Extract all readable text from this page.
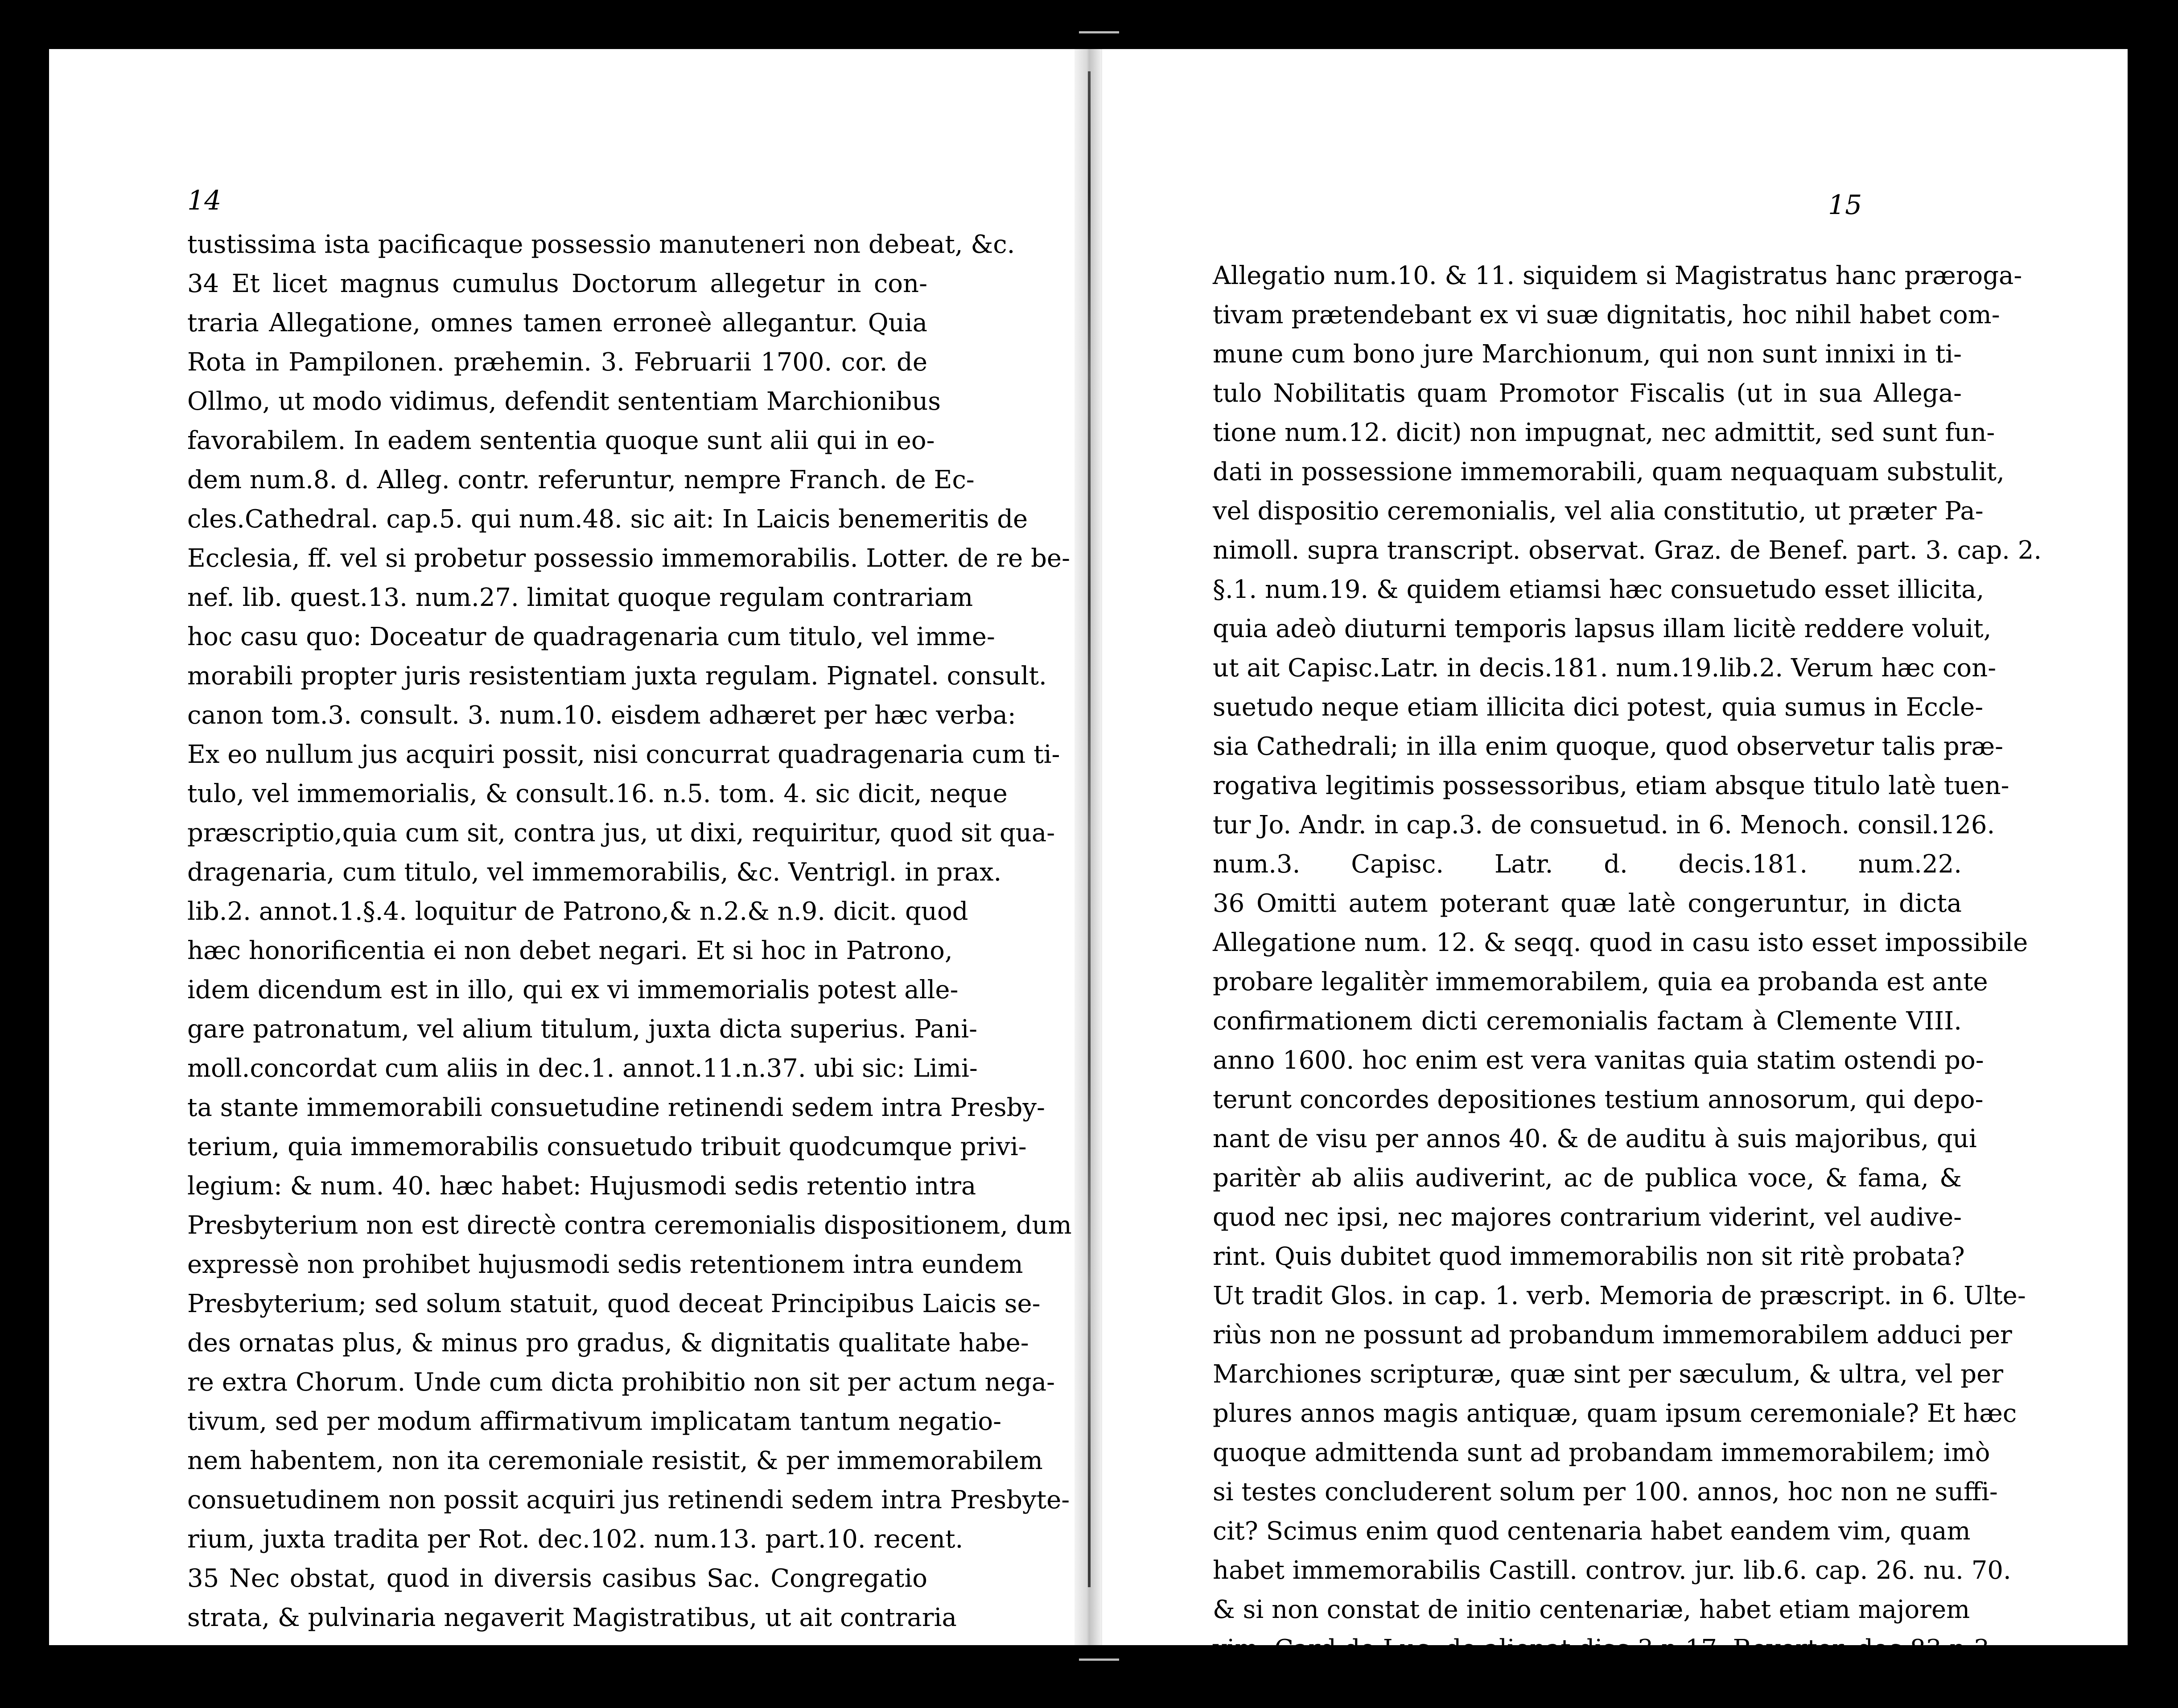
14	15
tustissima ista pacificaque possessio manuteneri non debeat, &c.
34 Et licet magnus cumulus Doctorum allegetur in con-
traria Allegatione, omnes tamen erroneè allegantur. Quia
Rota in Pampilonen. præhemin. 3. Februarii 1700. cor. de
Ollmo, ut modo vidimus, defendit sententiam Marchionibus
favorabilem. In eadem sententia quoque sunt alii qui in eo-
dem num.8. d. Alleg. contr. referuntur, nempre Franch. de Ec-
cles.Cathedral. cap.5. qui num.48. sic ait: In Laicis benemeritis de
Ecclesia, ff. vel si probetur possessio immemorabilis. Lotter. de re be-
nef. lib. quest.13. num.27. limitat quoque regulam contrariam
hoc casu quo: Doceatur de quadragenaria cum titulo, vel imme-
morabili propter juris resistentiam juxta regulam. Pignatel. consult.
canon tom.3. consult. 3. num.10. eisdem adhæret per hæc verba:
Ex eo nullum jus acquiri possit, nisi concurrat quadragenaria cum ti-
tulo, vel immemorialis, & consult.16. n.5. tom. 4. sic dicit, neque
præscriptio,quia cum sit, contra jus, ut dixi, requiritur, quod sit qua-
dragenaria, cum titulo, vel immemorabilis, &c. Ventrigl. in prax.
lib.2. annot.1.§.4. loquitur de Patrono,& n.2.& n.9. dicit. quod
hæc honorificentia ei non debet negari. Et si hoc in Patrono,
idem dicendum est in illo, qui ex vi immemorialis potest alle-
gare patronatum, vel alium titulum, juxta dicta superius. Pani-
moll.concordat cum aliis in dec.1. annot.11.n.37. ubi sic: Limi-
ta stante immemorabili consuetudine retinendi sedem intra Presby-
terium, quia immemorabilis consuetudo tribuit quodcumque privi-
legium: & num. 40. hæc habet: Hujusmodi sedis retentio intra
Presbyterium non est directè contra ceremonialis dispositionem, dum
expressè non prohibet hujusmodi sedis retentionem intra eundem
Presbyterium; sed solum statuit, quod deceat Principibus Laicis se-
des ornatas plus, & minus pro gradus, & dignitatis qualitate habe-
re extra Chorum. Unde cum dicta prohibitio non sit per actum nega-
tivum, sed per modum affirmativum implicatam tantum negatio-
nem habentem, non ita ceremoniale resistit, & per immemorabilem
consuetudinem non possit acquiri jus retinendi sedem intra Presbyte-
rium, juxta tradita per Rot. dec.102. num.13. part.10. recent.
35 Nec obstat, quod in diversis casibus Sac. Congregatio
strata, & pulvinaria negaverit Magistratibus, ut ait contraria
Alle-
Allegatio num.10. & 11. siquidem si Magistratus hanc prærogа-
tivam prætendebant ex vi suæ dignitatis, hoc nihil habet com-
mune cum bono jure Marchionum, qui non sunt innixi in ti-
tulo Nobilitatis quam Promotor Fiscalis (ut in sua Allega-
tione num.12. dicit) non impugnat, nec admittit, sed sunt fun-
dati in possessione immemorabili, quam nequaquam substulit,
vel dispositio ceremonialis, vel alia constitutio, ut præter Pa-
nimoll. supra transcript. observat. Graz. de Benef. part. 3. cap. 2.
§.1. num.19. & quidem etiamsi hæc consuetudo esset illicita,
quia adeò diuturni temporis lapsus illam licitè reddere voluit,
ut ait Capisc.Latr. in decis.181. num.19.lib.2. Verum hæc con-
suetudo neque etiam illicita dici potest, quia sumus in Eccle-
sia Cathedrali; in illa enim quoque, quod observetur talis præ-
rogativa legitimis possessoribus, etiam absque titulo latè tuen-
tur Jo. Andr. in cap.3. de consuetud. in 6. Menoch. consil.126.
num.3. Capisc. Latr. d. decis.181. num.22.
36 Omitti autem poterant quæ latè congeruntur, in dicta
Allegatione num. 12. & seqq. quod in casu isto esset impossibile
probare legalitèr immemorabilem, quia ea probanda est ante
confirmationem dicti ceremonialis factam à Clemente VIII.
anno 1600. hoc enim est vera vanitas quia statim ostendi po-
terunt concordes depositiones testium annosorum, qui depo-
nant de visu per annos 40. & de auditu à suis majoribus, qui
paritèr ab aliis audiverint, ac de publica voce, & fama, &
quod nec ipsi, nec majores contrarium viderint, vel audive-
rint. Quis dubitet quod immemorabilis non sit ritè probata?
Ut tradit Glos. in cap. 1. verb. Memoria de præscript. in 6. Ulte-
riùs non ne possunt ad probandum immemorabilem adduci per
Marchiones scripturæ, quæ sint per sæculum, & ultra, vel per
plures annos magis antiquæ, quam ipsum ceremoniale? Et hæc
quoque admittenda sunt ad probandam immemorabilem; imò
si testes concluderent solum per 100. annos, hoc non ne suffi-
cit? Scimus enim quod centenaria habet eandem vim, quam
habet immemorabilis Castill. controv. jur. lib.6. cap. 26. nu. 70.
& si non constat de initio centenariæ, habet etiam majorem
vim. Card.de Luc. de alienat.disc.3.n.17. Reverter. dec.83.n.3.
& dec.328. n.4.	Con-
